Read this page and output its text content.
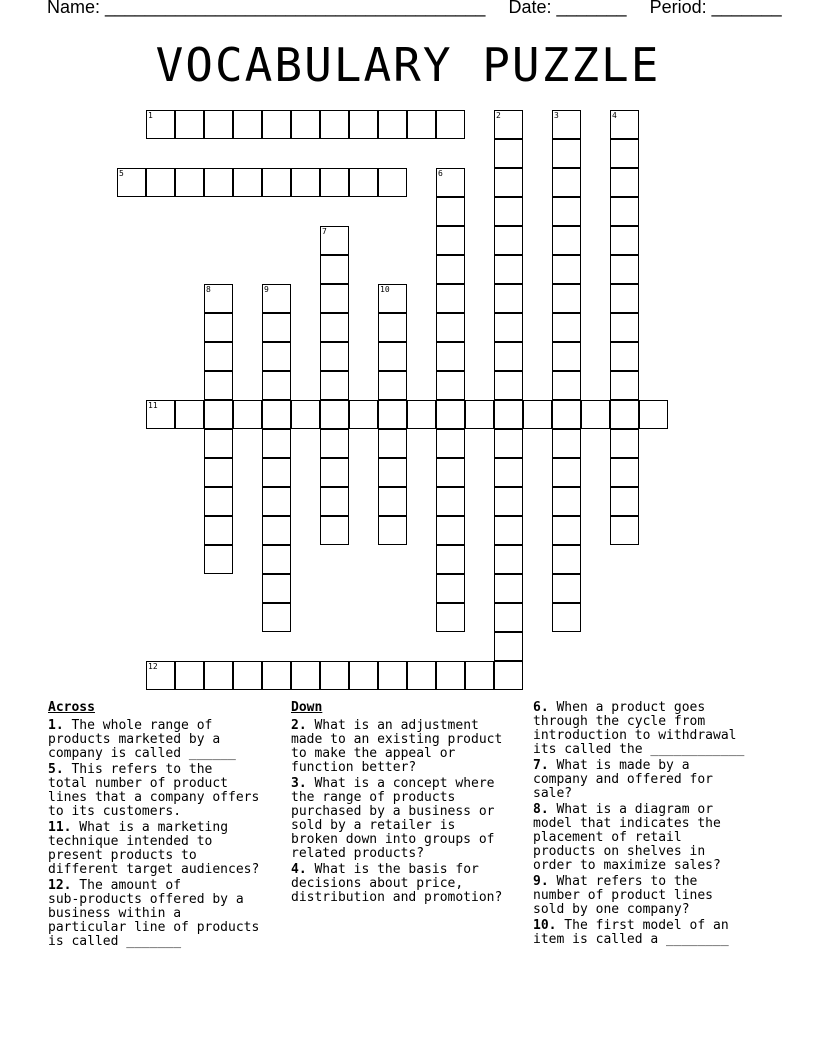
Name: ______________________________________ Date: _______ Period: _______
VOCABULARY PUZZLE
1	2	3	4
5	6
7
8	9	10
11
12
Across
1. The whole range of
products marketed by a
company is called ______
5. This refers to the
total number of product
lines that a company offers
to its customers.
11. What is a marketing
technique intended to
present products to
different target audiences?
12. The amount of
sub-products offered by a
business within a
particular line of products
is called _______
Down
2. What is an adjustment
made to an existing product
to make the appeal or
function better?
3. What is a concept where
the range of products
purchased by a business or
sold by a retailer is
broken down into groups of
related products?
4. What is the basis for
decisions about price,
distribution and promotion?
6. When a product goes
through the cycle from
introduction to withdrawal
its called the ____________
7. What is made by a
company and offered for
sale?
8. What is a diagram or
model that indicates the
placement of retail
products on shelves in
order to maximize sales?
9. What refers to the
number of product lines
sold by one company?
10. The first model of an
item is called a ________
